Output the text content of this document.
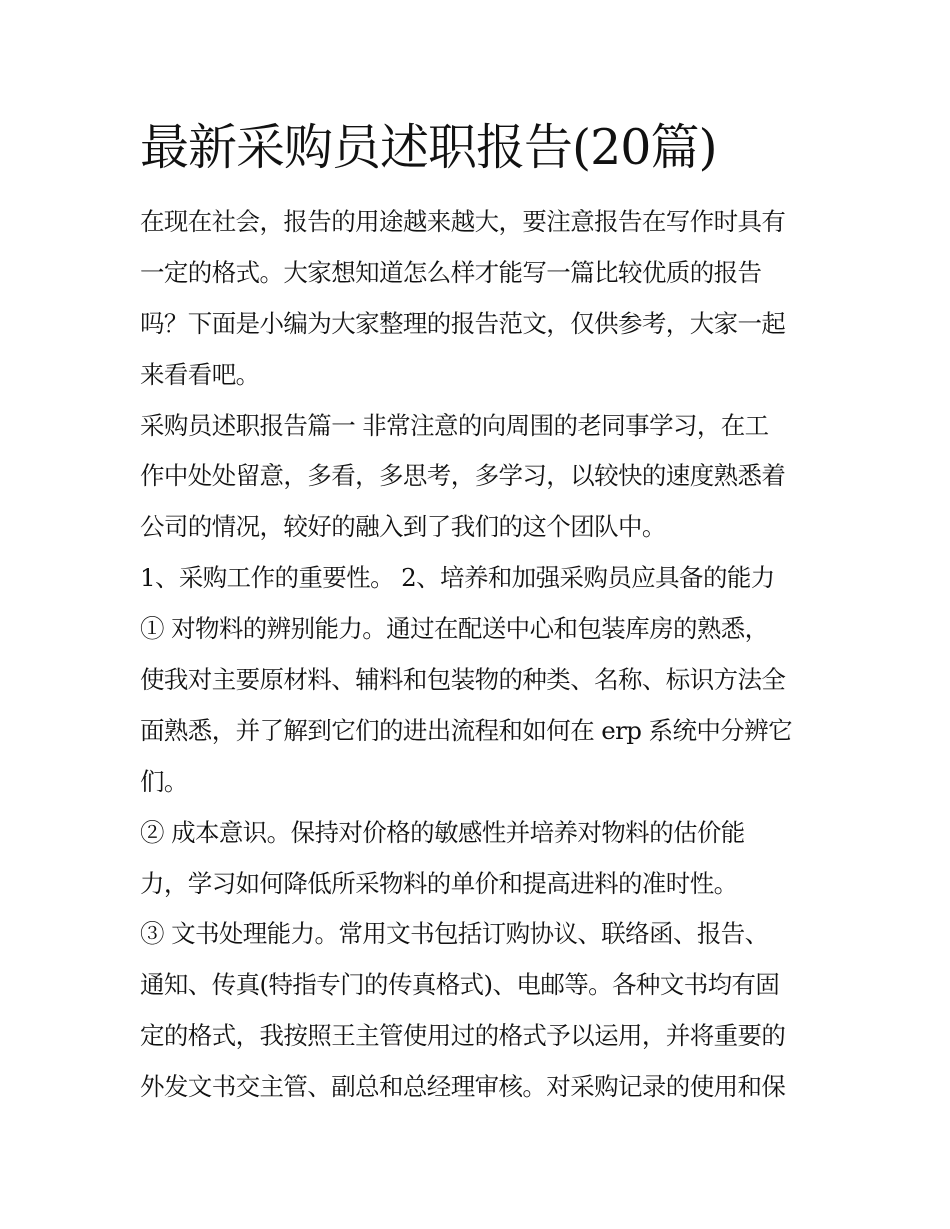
最新采购员述职报告(20篇)
在现在社会，报告的用途越来越大，要注意报告在写作时具有
一定的格式。大家想知道怎么样才能写一篇比较优质的报告
吗？下面是小编为大家整理的报告范文，仅供参考，大家一起
来看看吧。
采购员述职报告篇一 非常注意的向周围的老同事学习，在工
作中处处留意，多看，多思考，多学习，以较快的速度熟悉着
公司的情况，较好的融入到了我们的这个团队中。
1、采购工作的重要性。 2、培养和加强采购员应具备的能力
① 对物料的辨别能力。通过在配送中心和包装库房的熟悉，
使我对主要原材料、辅料和包装物的种类、名称、标识方法全
面熟悉，并了解到它们的进出流程和如何在 erp 系统中分辨它
们。
② 成本意识。保持对价格的敏感性并培养对物料的估价能
力，学习如何降低所采物料的单价和提高进料的准时性。
③ 文书处理能力。常用文书包括订购协议、联络函、报告、
通知、传真(特指专门的传真格式)、电邮等。各种文书均有固
定的格式，我按照王主管使用过的格式予以运用，并将重要的
外发文书交主管、副总和总经理审核。对采购记录的使用和保
